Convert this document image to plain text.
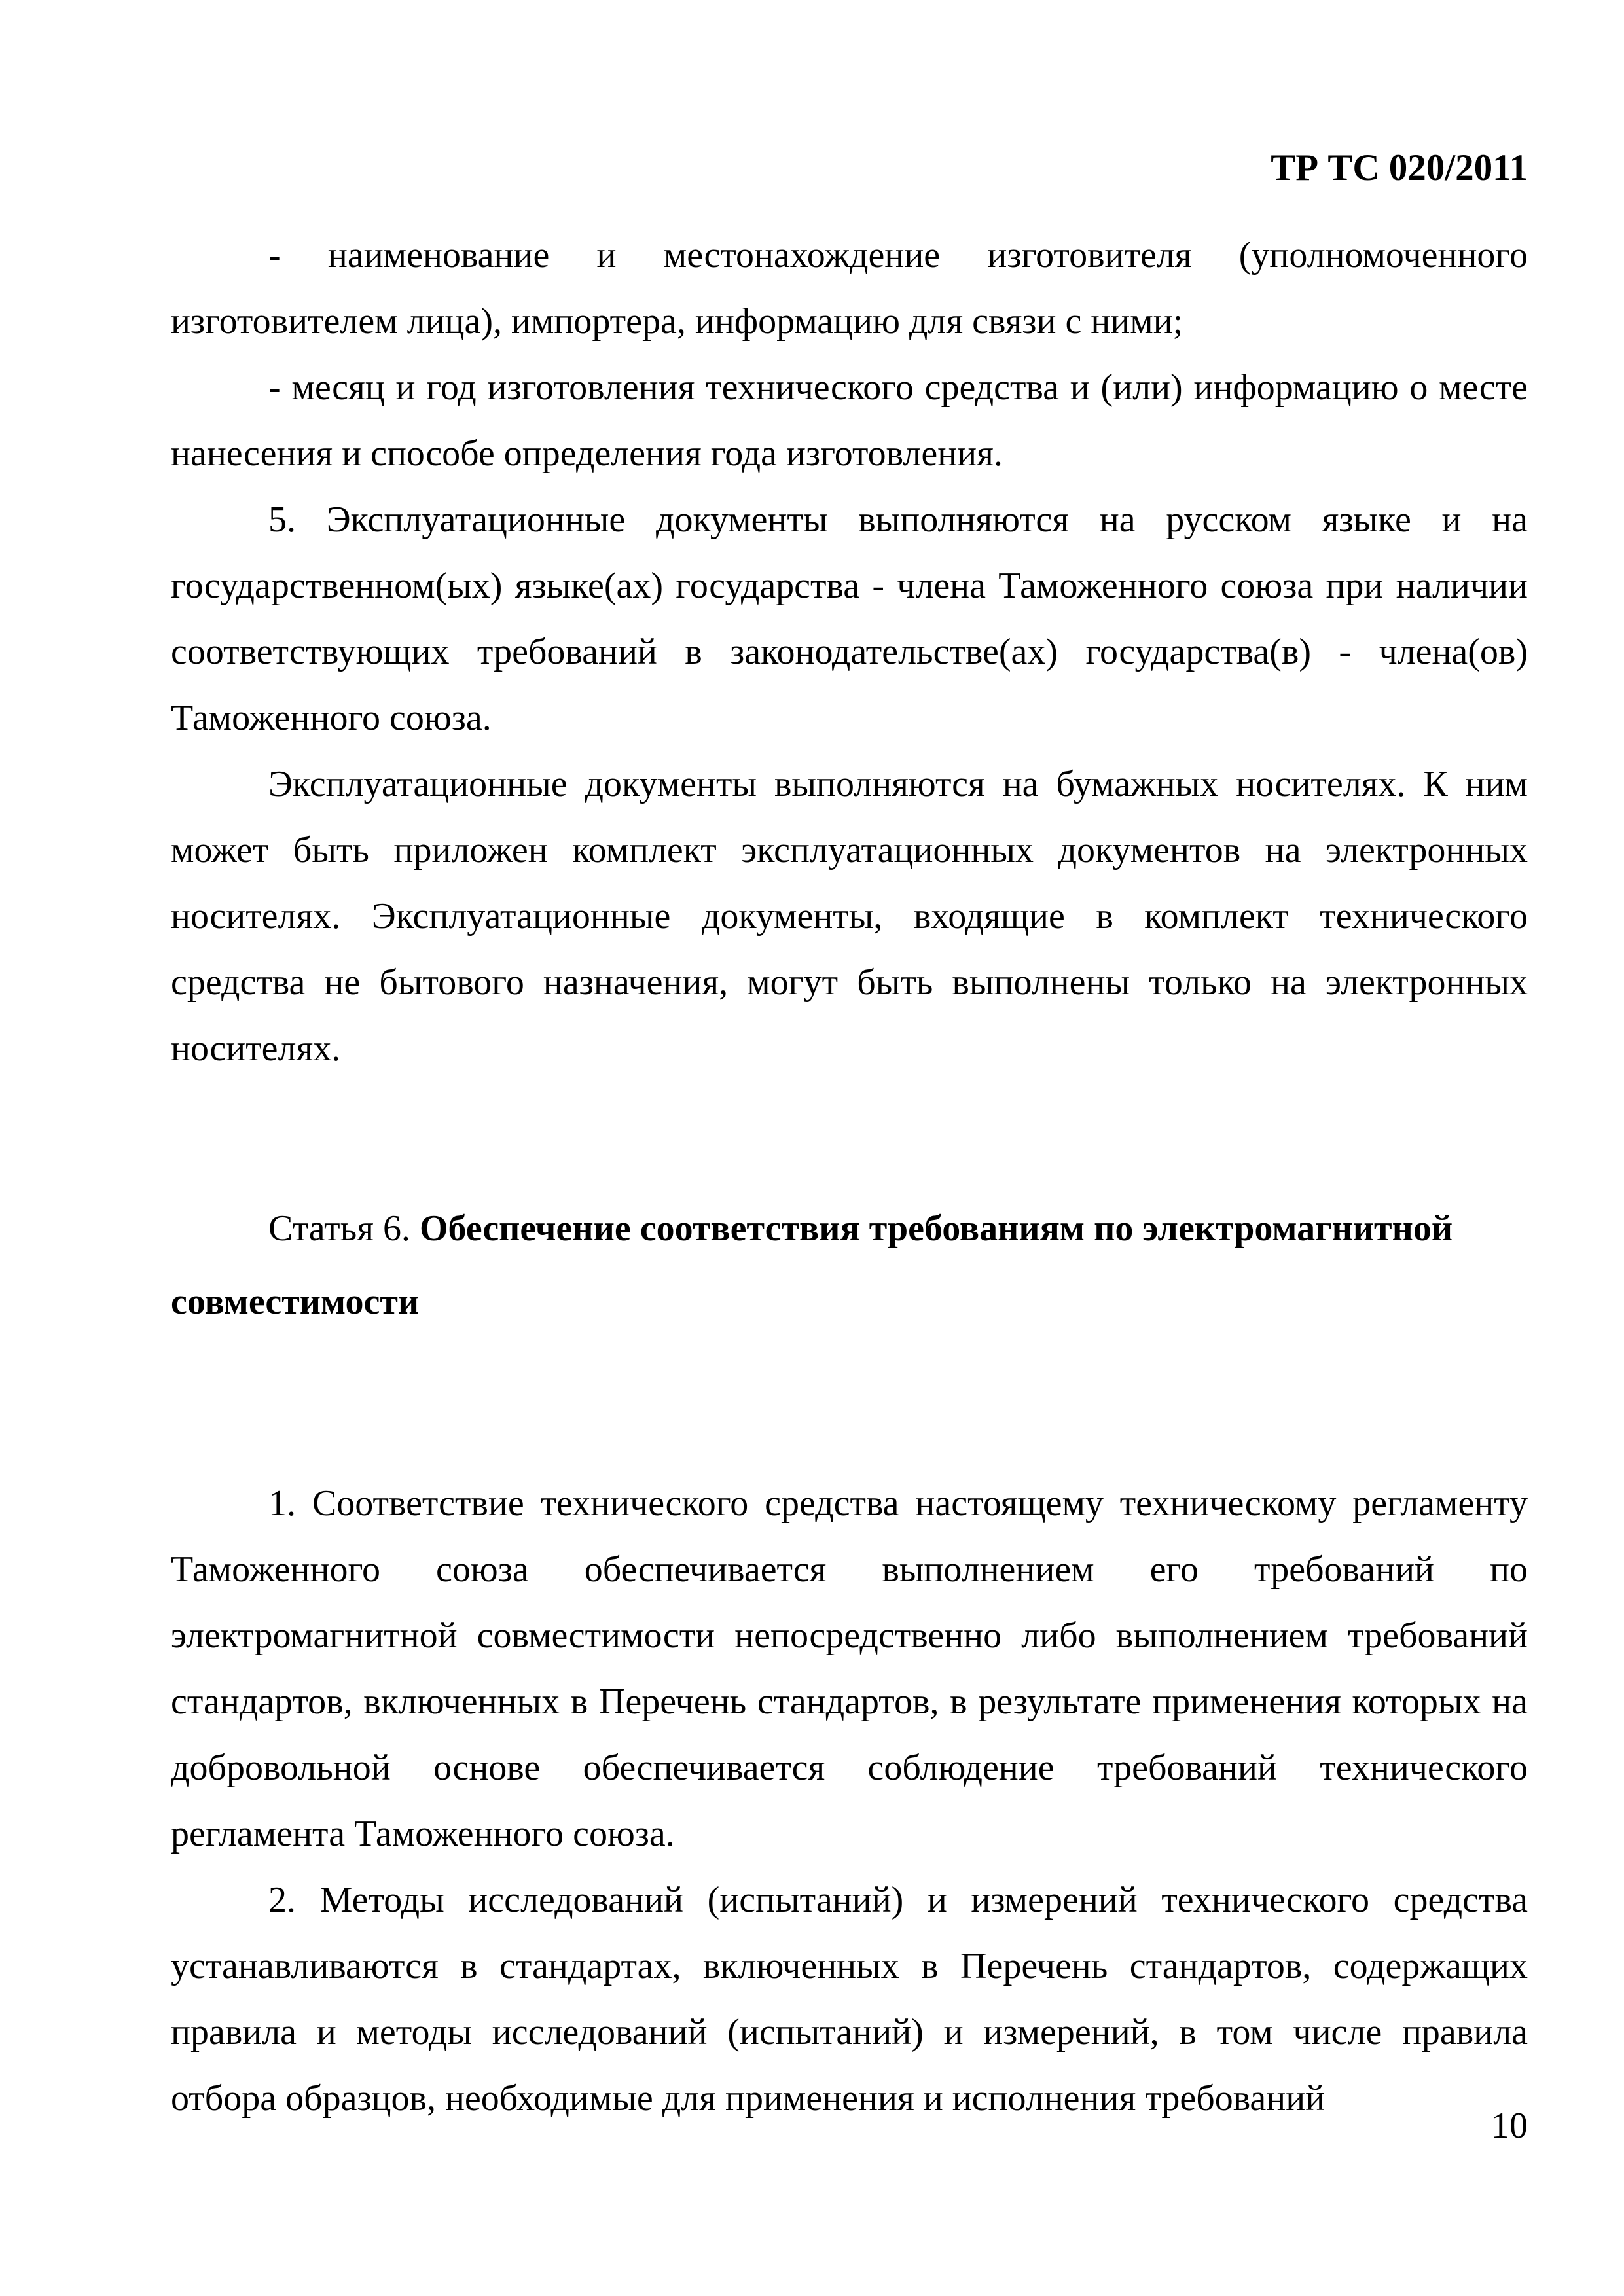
ТР ТС 020/2011

- наименование и местонахождение изготовителя (уполномоченного изготовителем лица), импортера, информацию для связи с ними;

- месяц и год изготовления технического средства и (или) информацию о месте нанесения и способе определения года изготовления.

5. Эксплуатационные документы выполняются на русском языке и на государственном(ых) языке(ах) государства - члена Таможенного союза при наличии соответствующих требований в законодательстве(ах) государства(в) - члена(ов) Таможенного союза.

Эксплуатационные документы выполняются на бумажных носителях. К ним может быть приложен комплект эксплуатационных документов на электронных носителях. Эксплуатационные документы, входящие в комплект технического средства не бытового назначения, могут быть выполнены только на электронных носителях.

Статья 6. Обеспечение соответствия требованиям по электромагнитной совместимости

1. Соответствие технического средства настоящему техническому регламенту Таможенного союза обеспечивается выполнением его требований по электромагнитной совместимости непосредственно либо выполнением требований стандартов, включенных в Перечень стандартов, в результате применения которых на добровольной основе обеспечивается соблюдение требований технического регламента Таможенного союза.

2. Методы исследований (испытаний) и измерений технического средства устанавливаются в стандартах, включенных в Перечень стандартов, содержащих правила и методы исследований (испытаний) и измерений, в том числе правила отбора образцов, необходимые для применения и исполнения требований

10
